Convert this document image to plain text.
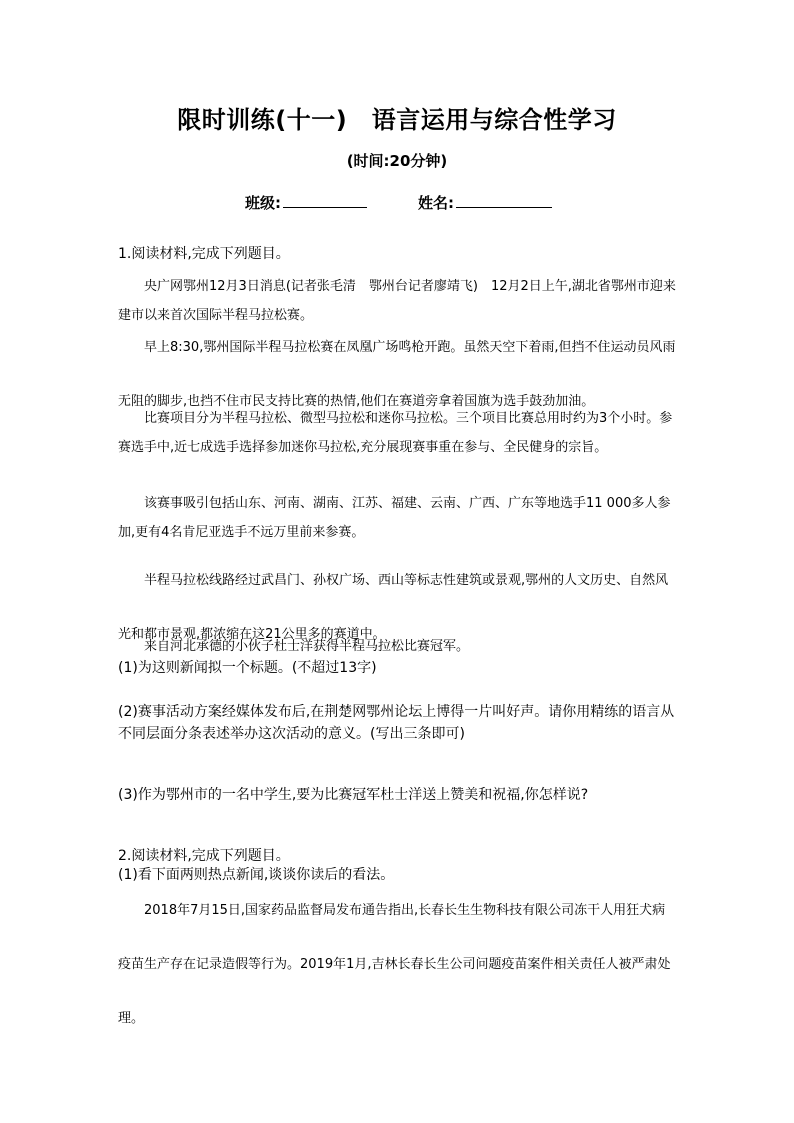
限时训练(十一)　语言运用与综合性学习
(时间:20分钟)
班级:	姓名:
1.阅读材料,完成下列题目。
央广网鄂州12月3日消息(记者张毛清　鄂州台记者廖靖飞)　12月2日上午,湖北省鄂州市迎来建市以来首次国际半程马拉松赛。
早上8:30,鄂州国际半程马拉松赛在凤凰广场鸣枪开跑。虽然天空下着雨,但挡不住运动员风雨无阻的脚步,也挡不住市民支持比赛的热情,他们在赛道旁拿着国旗为选手鼓劲加油。
比赛项目分为半程马拉松、微型马拉松和迷你马拉松。三个项目比赛总用时约为3个小时。参赛选手中,近七成选手选择参加迷你马拉松,充分展现赛事重在参与、全民健身的宗旨。
该赛事吸引包括山东、河南、湖南、江苏、福建、云南、广西、广东等地选手11 000多人参加,更有4名肯尼亚选手不远万里前来参赛。
半程马拉松线路经过武昌门、孙权广场、西山等标志性建筑或景观,鄂州的人文历史、自然风光和都市景观,都浓缩在这21公里多的赛道中。
来自河北承德的小伙子杜士洋获得半程马拉松比赛冠军。
(1)为这则新闻拟一个标题。(不超过13字)
(2)赛事活动方案经媒体发布后,在荆楚网鄂州论坛上博得一片叫好声。请你用精练的语言从不同层面分条表述举办这次活动的意义。(写出三条即可)
(3)作为鄂州市的一名中学生,要为比赛冠军杜士洋送上赞美和祝福,你怎样说?
2.阅读材料,完成下列题目。
(1)看下面两则热点新闻,谈谈你读后的看法。
2018年7月15日,国家药品监督局发布通告指出,长春长生生物科技有限公司冻干人用狂犬病疫苗生产存在记录造假等行为。2019年1月,吉林长春长生公司问题疫苗案件相关责任人被严肃处理。
